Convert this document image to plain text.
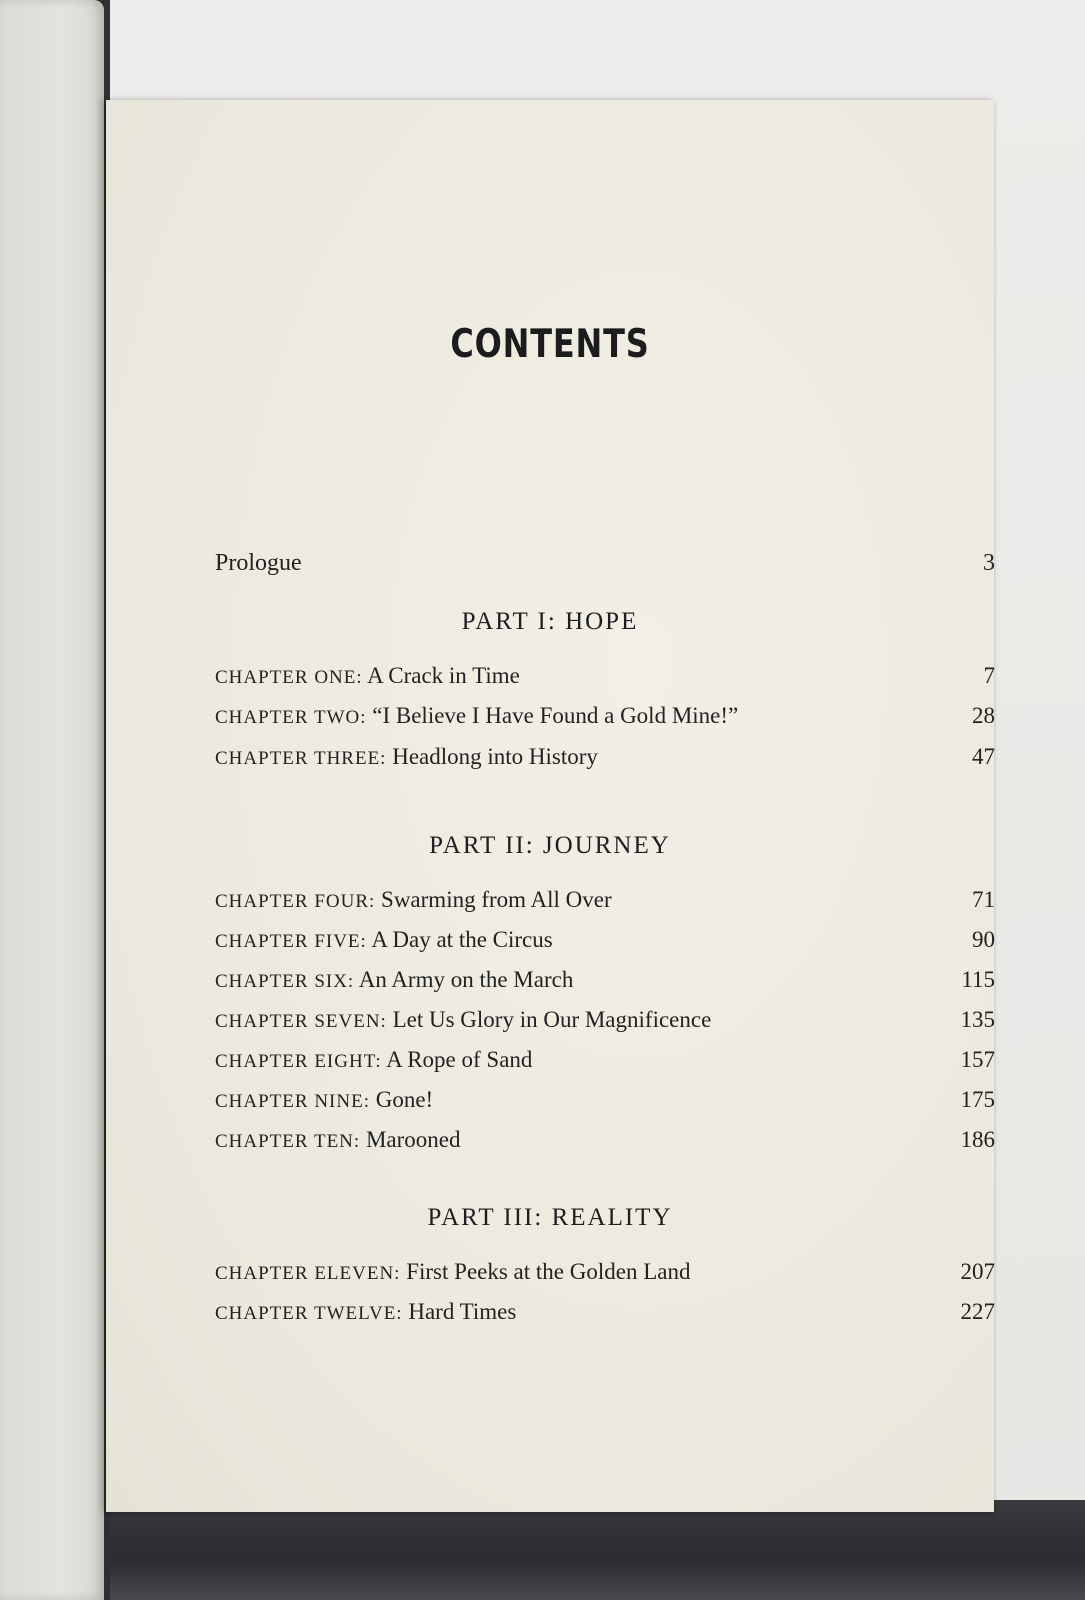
CONTENTS
Prologue	3
PART I: HOPE
CHAPTER ONE: A Crack in Time	7
CHAPTER TWO: “I Believe I Have Found a Gold Mine!”	28
CHAPTER THREE: Headlong into History	47
PART II: JOURNEY
CHAPTER FOUR: Swarming from All Over	71
CHAPTER FIVE: A Day at the Circus	90
CHAPTER SIX: An Army on the March	115
CHAPTER SEVEN: Let Us Glory in Our Magnificence	135
CHAPTER EIGHT: A Rope of Sand	157
CHAPTER NINE: Gone!	175
CHAPTER TEN: Marooned	186
PART III: REALITY
CHAPTER ELEVEN: First Peeks at the Golden Land	207
CHAPTER TWELVE: Hard Times	227
